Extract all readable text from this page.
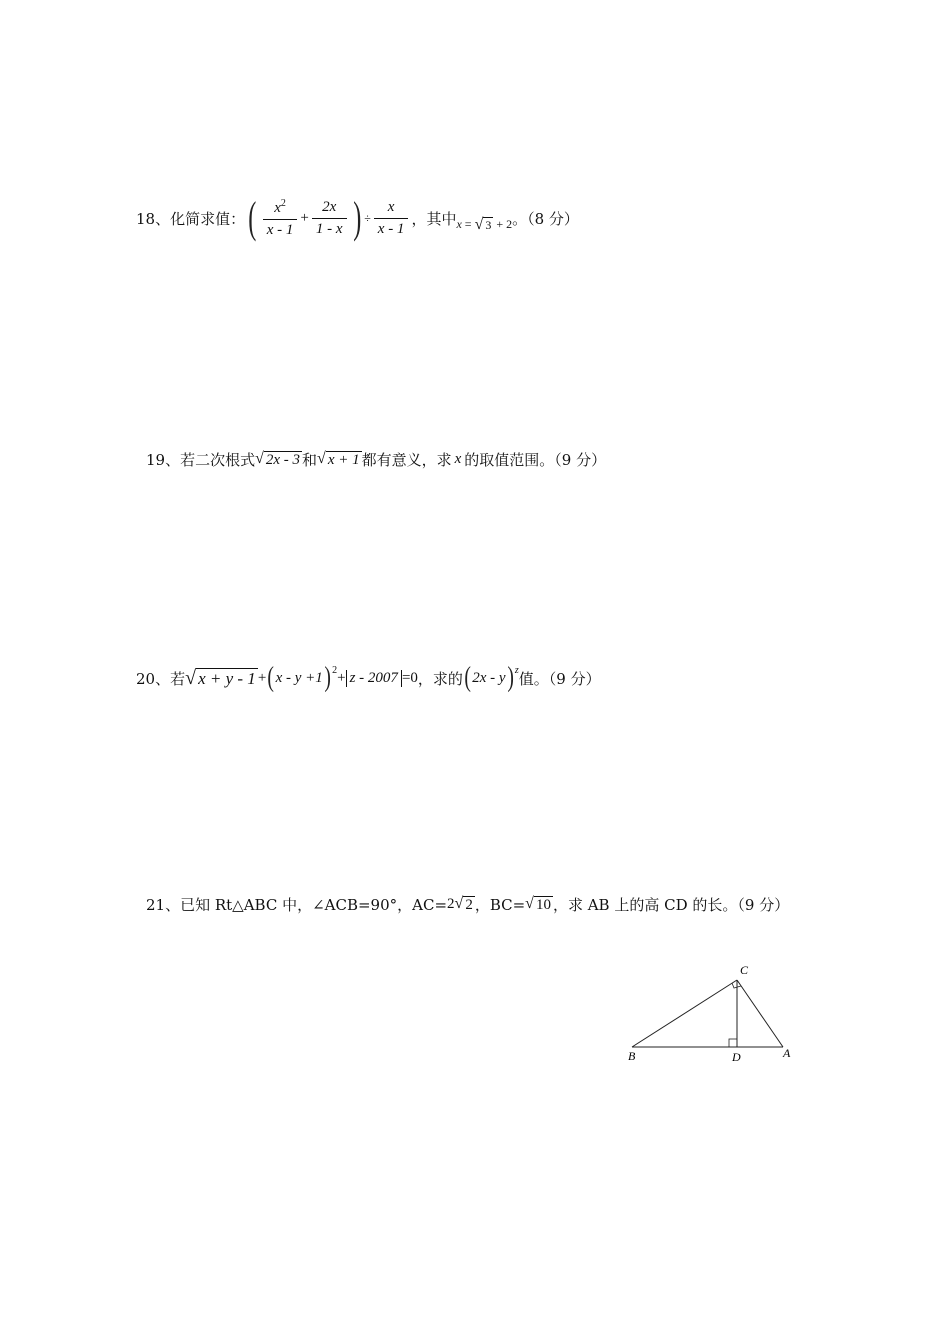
18、化简求值： ( $\frac{x^2}{x - 1} + \frac{2x}{1 - x}$ ) ÷ $\frac{x}{x - 1}$ ，其中 x = √ 3 + 2 。（8 分）
19、若二次根式 √ 2x - 3 和 √ x + 1 都有意义，求 x 的取值范围。（9 分）
20、若 √ x + y - 1 + ( x - y +1 )$^2$ + z - 2007 =0 ，求的 ( 2x - y )$^z$ 值。（9 分）
21、已知 Rt△ABC 中，∠ACB=90°，AC= 2 √ 2 ，BC= √ 10 ，求 AB 上的高 CD 的长。（9 分）
C
B	D	A
